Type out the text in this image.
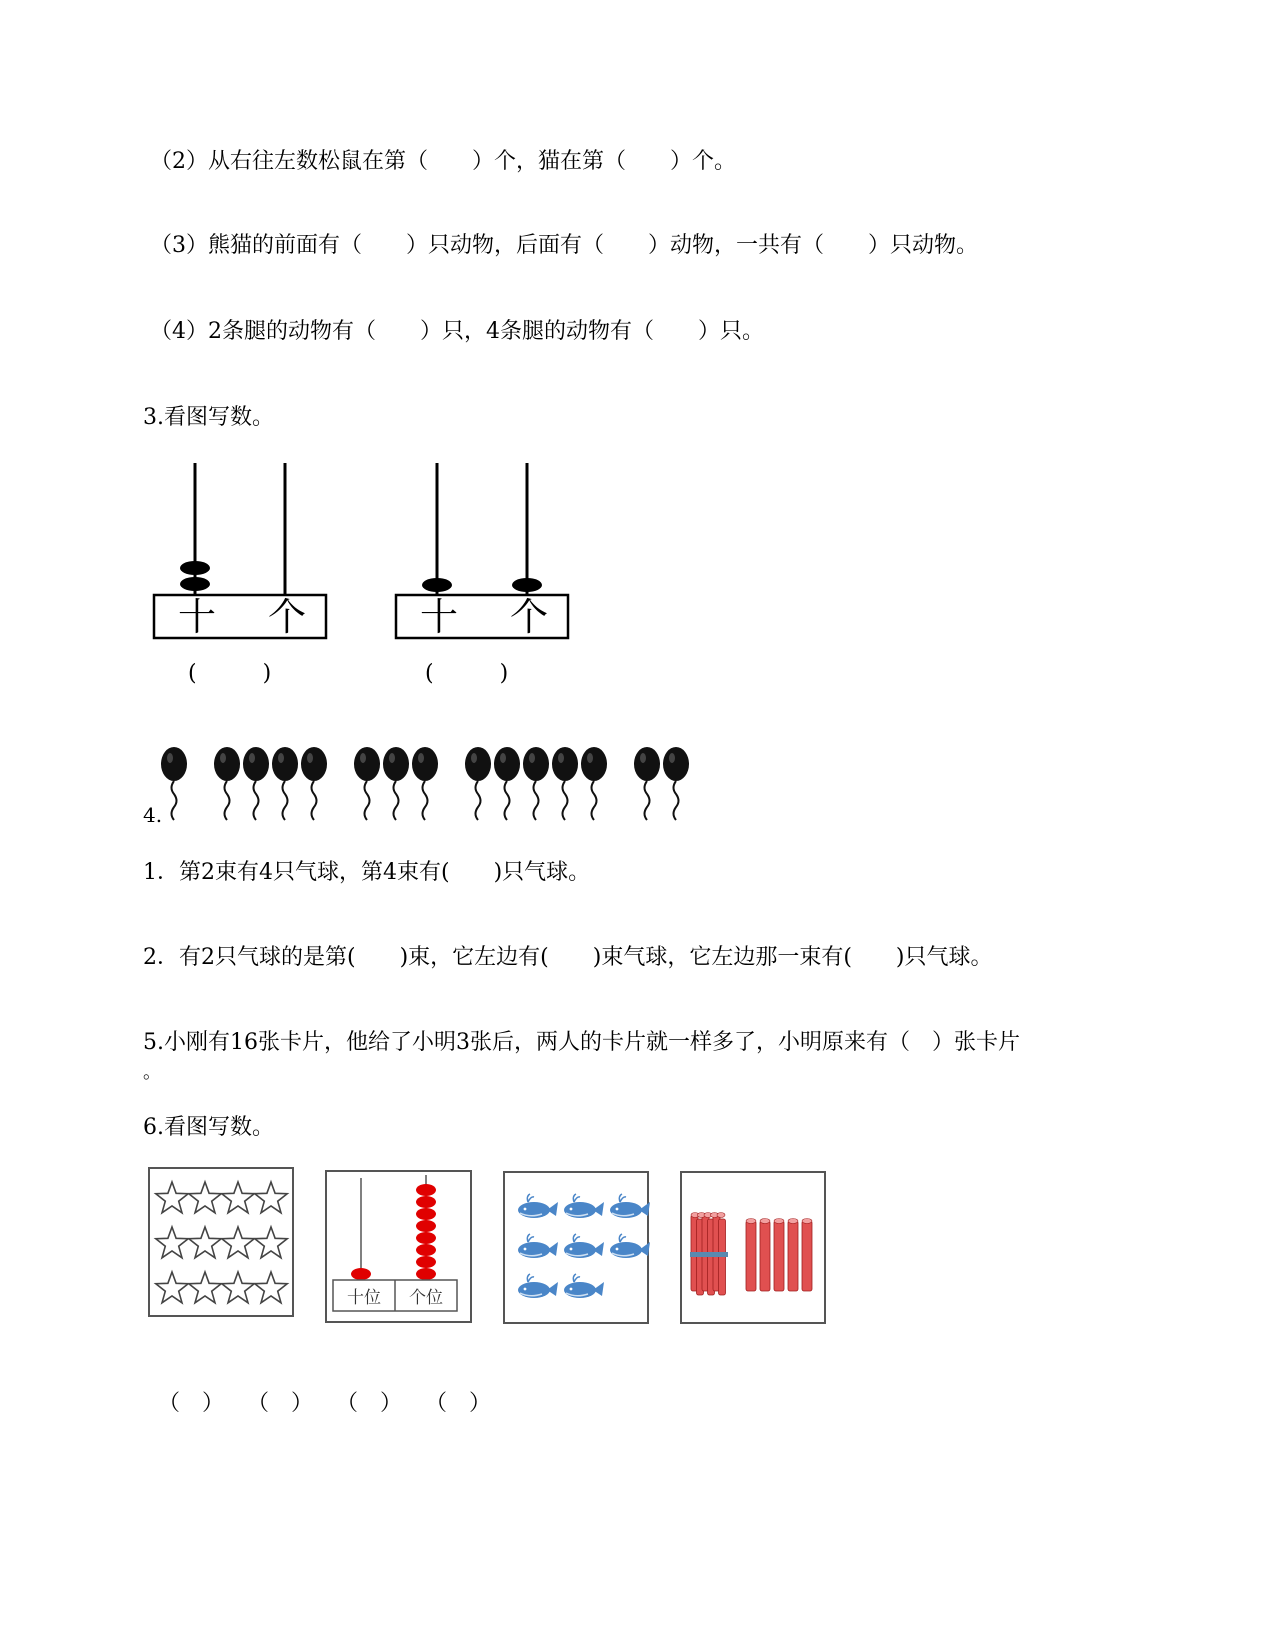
（2）从右往左数松鼠在第（　　）个，猫在第（　　）个。
（3）熊猫的前面有（　　）只动物，后面有（　　）动物，一共有（　　）只动物。
（4）2条腿的动物有（　　）只，4条腿的动物有（　　）只。
3.看图写数。
十 个
(　　　)
十 个
(　　　)
4.
1．第2束有4只气球，第4束有(　　)只气球。
2．有2只气球的是第(　　)束，它左边有(　　)束气球，它左边那一束有(　　)只气球。
5.小刚有16张卡片，他给了小明3张后，两人的卡片就一样多了，小明原来有（　）张卡片
。
6.看图写数。
十位 个位
（　） （　） （　） （　）
